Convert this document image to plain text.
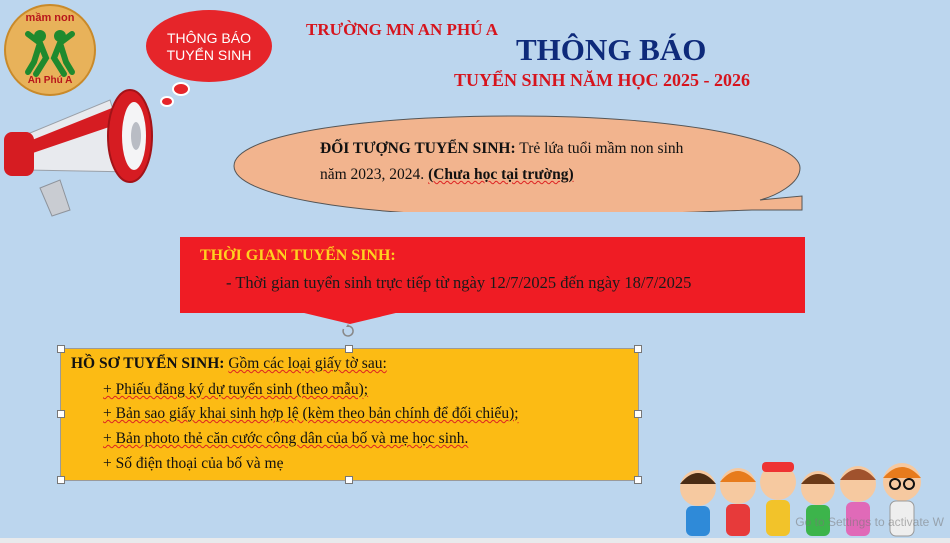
mầm non
An Phú A
THÔNG BÁO
TUYỂN SINH
TRƯỜNG MN AN PHÚ A
THÔNG BÁO
TUYỂN SINH NĂM HỌC 2025 - 2026
ĐỐI TƯỢNG TUYỂN SINH: Trẻ lứa tuổi mầm non sinh
năm 2023, 2024. (Chưa học tại trường)
THỜI GIAN TUYỂN SINH:
- Thời gian tuyển sinh trực tiếp từ ngày 12/7/2025 đến ngày 18/7/2025
HỒ SƠ TUYỂN SINH: Gồm các loại giấy tờ sau:
+ Phiếu đăng ký dự tuyển sinh (theo mẫu);
+ Bản sao giấy khai sinh hợp lệ (kèm theo bản chính để đối chiếu);
+ Bản photo thẻ căn cước công dân của bố và mẹ học sinh.
+ Số điện thoại của bố và mẹ
Go to Settings to activate W
